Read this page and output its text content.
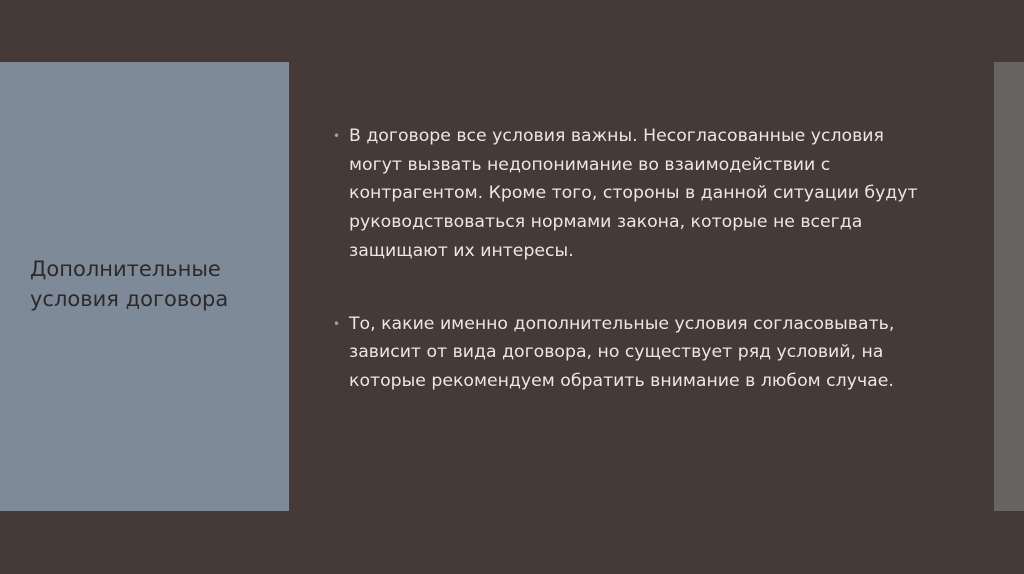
Дополнительные условия договора
• В договоре все условия важны. Несогласованные условия могут вызвать недопонимание во взаимодействии с контрагентом. Кроме того, стороны в данной ситуации будут руководствоваться нормами закона, которые не всегда защищают их интересы.
• То, какие именно дополнительные условия согласовывать, зависит от вида договора, но существует ряд условий, на которые рекомендуем обратить внимание в любом случае.
